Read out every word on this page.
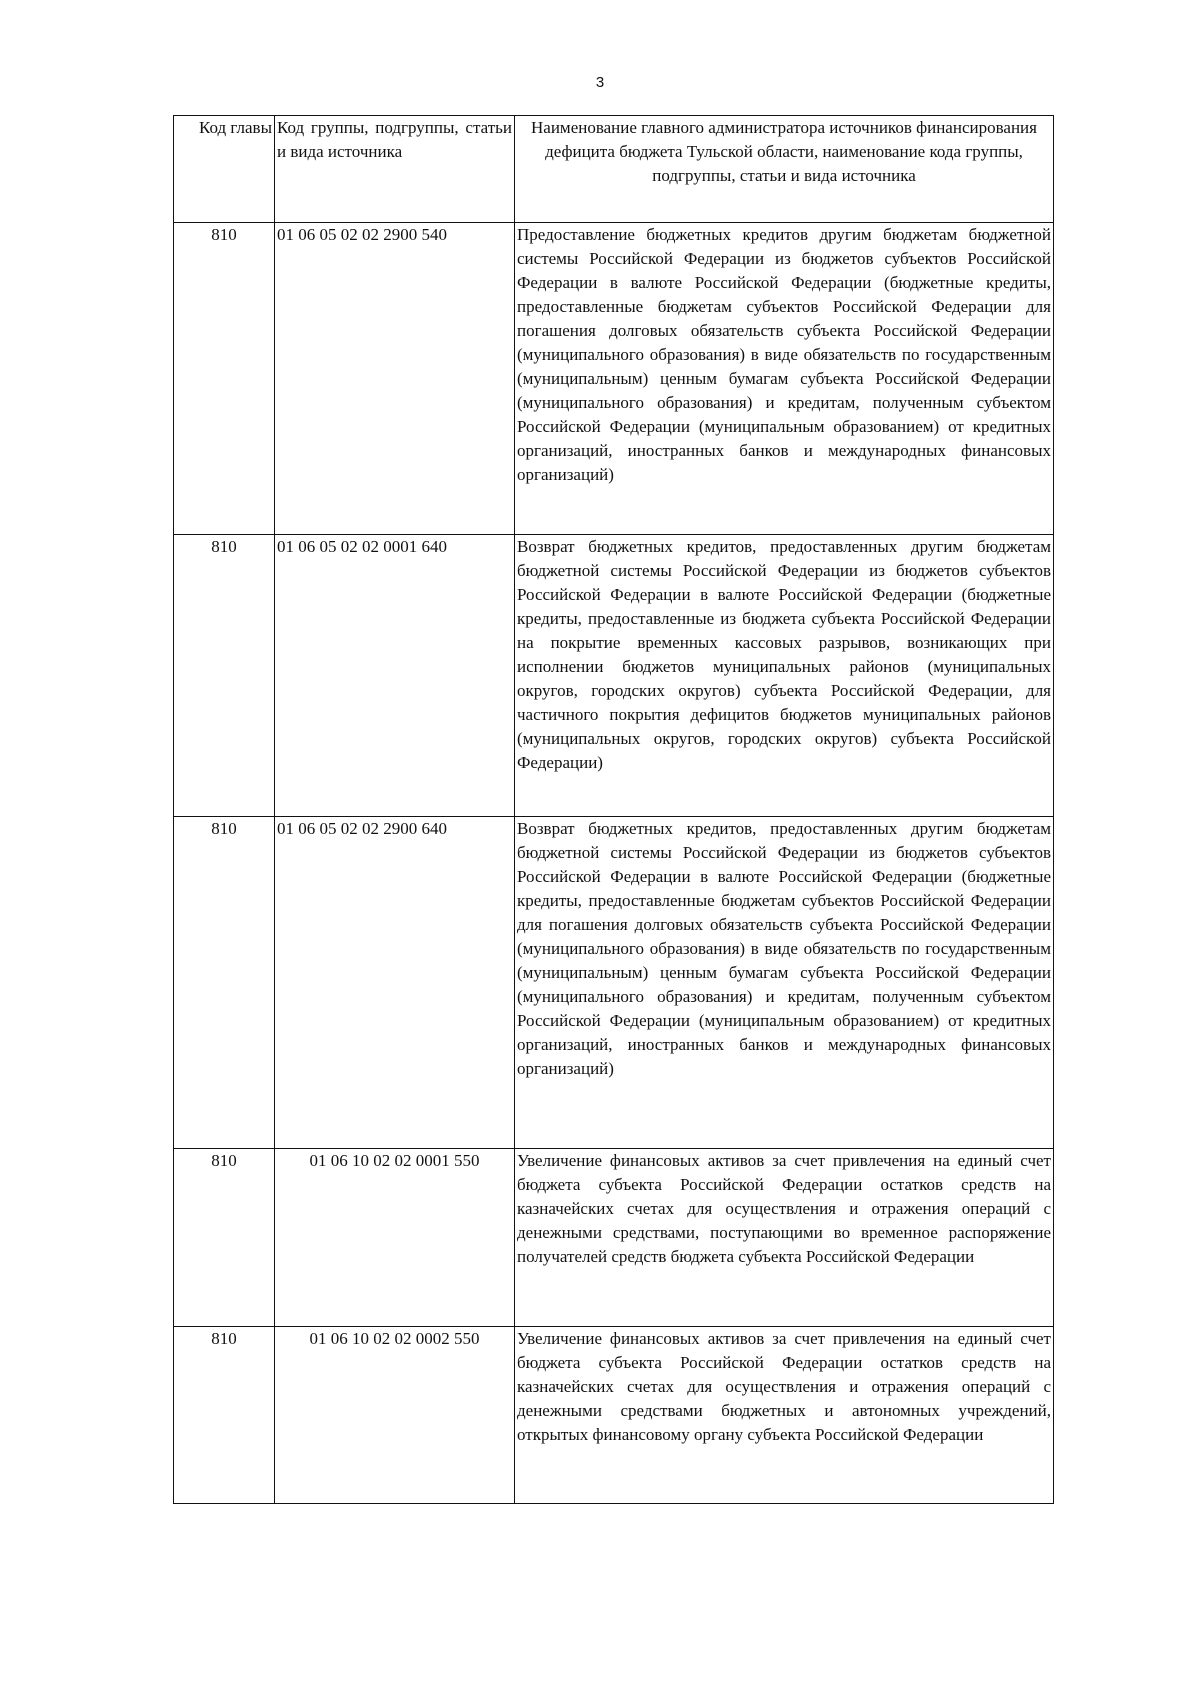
3
Код главы	Код группы, подгруппы, статьи и вида источника	Наименование главного администратора источников финансирования дефицита бюджета Тульской области, наименование кода группы, подгруппы, статьи и вида источника
810	01 06 05 02 02 2900 540	Предоставление бюджетных кредитов другим бюджетам бюджетной системы Российской Федерации из бюджетов субъектов Российской Федерации в валюте Российской Федерации (бюджетные кредиты, предоставленные бюджетам субъектов Российской Федерации для погашения долговых обязательств субъекта Российской Федерации (муниципального образования) в виде обязательств по государственным (муниципальным) ценным бумагам субъекта Российской Федерации (муниципального образования) и кредитам, полученным субъектом Российской Федерации (муниципальным образованием) от кредитных организаций, иностранных банков и международных финансовых организаций)
810	01 06 05 02 02 0001 640	Возврат бюджетных кредитов, предоставленных другим бюджетам бюджетной системы Российской Федерации из бюджетов субъектов Российской Федерации в валюте Российской Федерации (бюджетные кредиты, предоставленные из бюджета субъекта Российской Федерации на покрытие временных кассовых разрывов, возникающих при исполнении бюджетов муниципальных районов (муниципальных округов, городских округов) субъекта Российской Федерации, для частичного покрытия дефицитов бюджетов муниципальных районов (муниципальных округов, городских округов) субъекта Российской Федерации)
810	01 06 05 02 02 2900 640	Возврат бюджетных кредитов, предоставленных другим бюджетам бюджетной системы Российской Федерации из бюджетов субъектов Российской Федерации в валюте Российской Федерации (бюджетные кредиты, предоставленные бюджетам субъектов Российской Федерации для погашения долговых обязательств субъекта Российской Федерации (муниципального образования) в виде обязательств по государственным (муниципальным) ценным бумагам субъекта Российской Федерации (муниципального образования) и кредитам, полученным субъектом Российской Федерации (муниципальным образованием) от кредитных организаций, иностранных банков и международных финансовых организаций)
810	01 06 10 02 02 0001 550	Увеличение финансовых активов за счет привлечения на единый счет бюджета субъекта Российской Федерации остатков средств на казначейских счетах для осуществления и отражения операций с денежными средствами, поступающими во временное распоряжение получателей средств бюджета субъекта Российской Федерации
810	01 06 10 02 02 0002 550	Увеличение финансовых активов за счет привлечения на единый счет бюджета субъекта Российской Федерации остатков средств на казначейских счетах для осуществления и отражения операций с денежными средствами бюджетных и автономных учреждений, открытых финансовому органу субъекта Российской Федерации
